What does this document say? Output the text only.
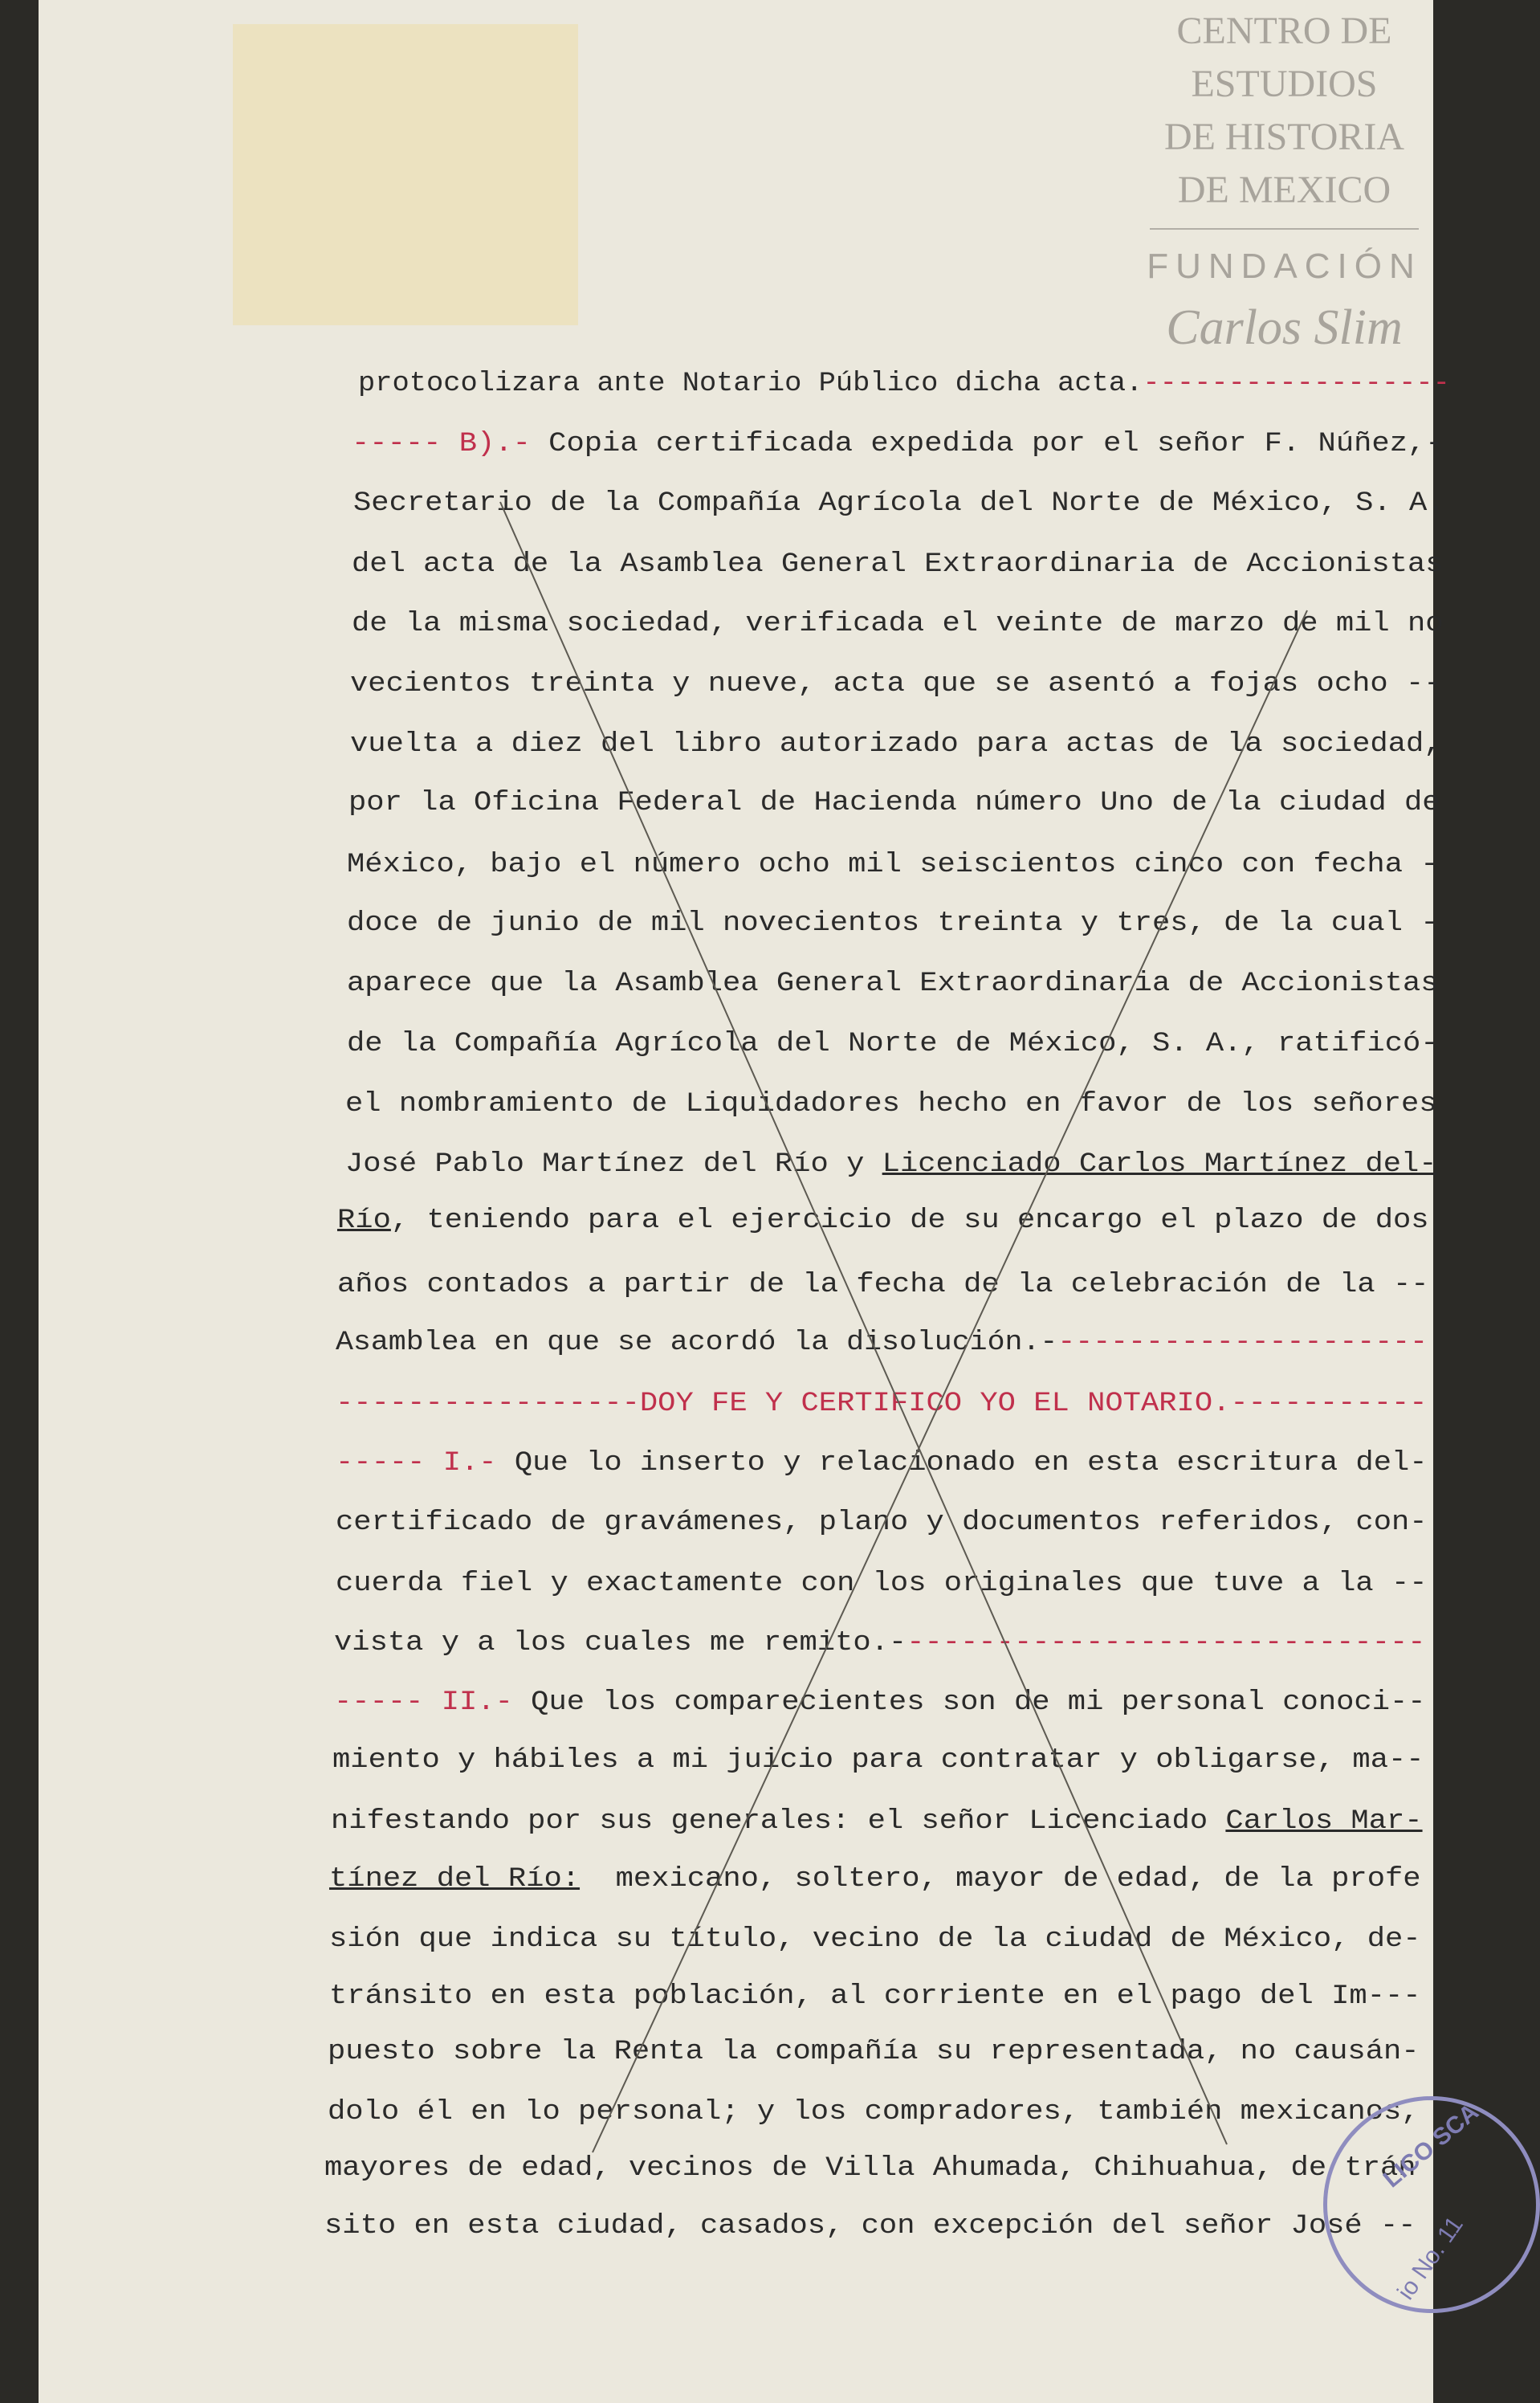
CENTRO DE
ESTUDIOS
DE HISTORIA
DE MEXICO
FUNDACIÓN
Carlos Slim
protocolizara ante Notario Público dicha acta.------------------
----- B).- Copia certificada expedida por el señor F. Núñez,-
Secretario de la Compañía Agrícola del Norte de México, S. A.
del acta de la Asamblea General Extraordinaria de Accionistas
de la misma sociedad, verificada el veinte de marzo de mil no
vecientos treinta y nueve, acta que se asentó a fojas ocho --
vuelta a diez del libro autorizado para actas de la sociedad,
por la Oficina Federal de Hacienda número Uno de la ciudad de
México, bajo el número ocho mil seiscientos cinco con fecha -
doce de junio de mil novecientos treinta y tres, de la cual -
aparece que la Asamblea General Extraordinaria de Accionistas
de la Compañía Agrícola del Norte de México, S. A., ratificó-
el nombramiento de Liquidadores hecho en favor de los señores
José Pablo Martínez del Río y Licenciado Carlos Martínez del-
Río, teniendo para el ejercicio de su encargo el plazo de dos
años contados a partir de la fecha de la celebración de la --
Asamblea en que se acordó la disolución.----------------------
-----------------DOY FE Y CERTIFICO YO EL NOTARIO.-----------
----- I.- Que lo inserto y relacionado en esta escritura del-
certificado de gravámenes, plano y documentos referidos, con-
cuerda fiel y exactamente con los originales que tuve a la --
vista y a los cuales me remito.------------------------------
----- II.- Que los comparecientes son de mi personal conoci--
miento y hábiles a mi juicio para contratar y obligarse, ma--
nifestando por sus generales: el señor Licenciado Carlos Mar-
tínez del Río:  mexicano, soltero, mayor de edad, de la profe
sión que indica su título, vecino de la ciudad de México, de-
tránsito en esta población, al corriente en el pago del Im---
puesto sobre la Renta la compañía su representada, no causán-
dolo él en lo personal; y los compradores, también mexicanos,
mayores de edad, vecinos de Villa Ahumada, Chihuahua, de trán
sito en esta ciudad, casados, con excepción del señor José --
LICO SCA
io No. 11
